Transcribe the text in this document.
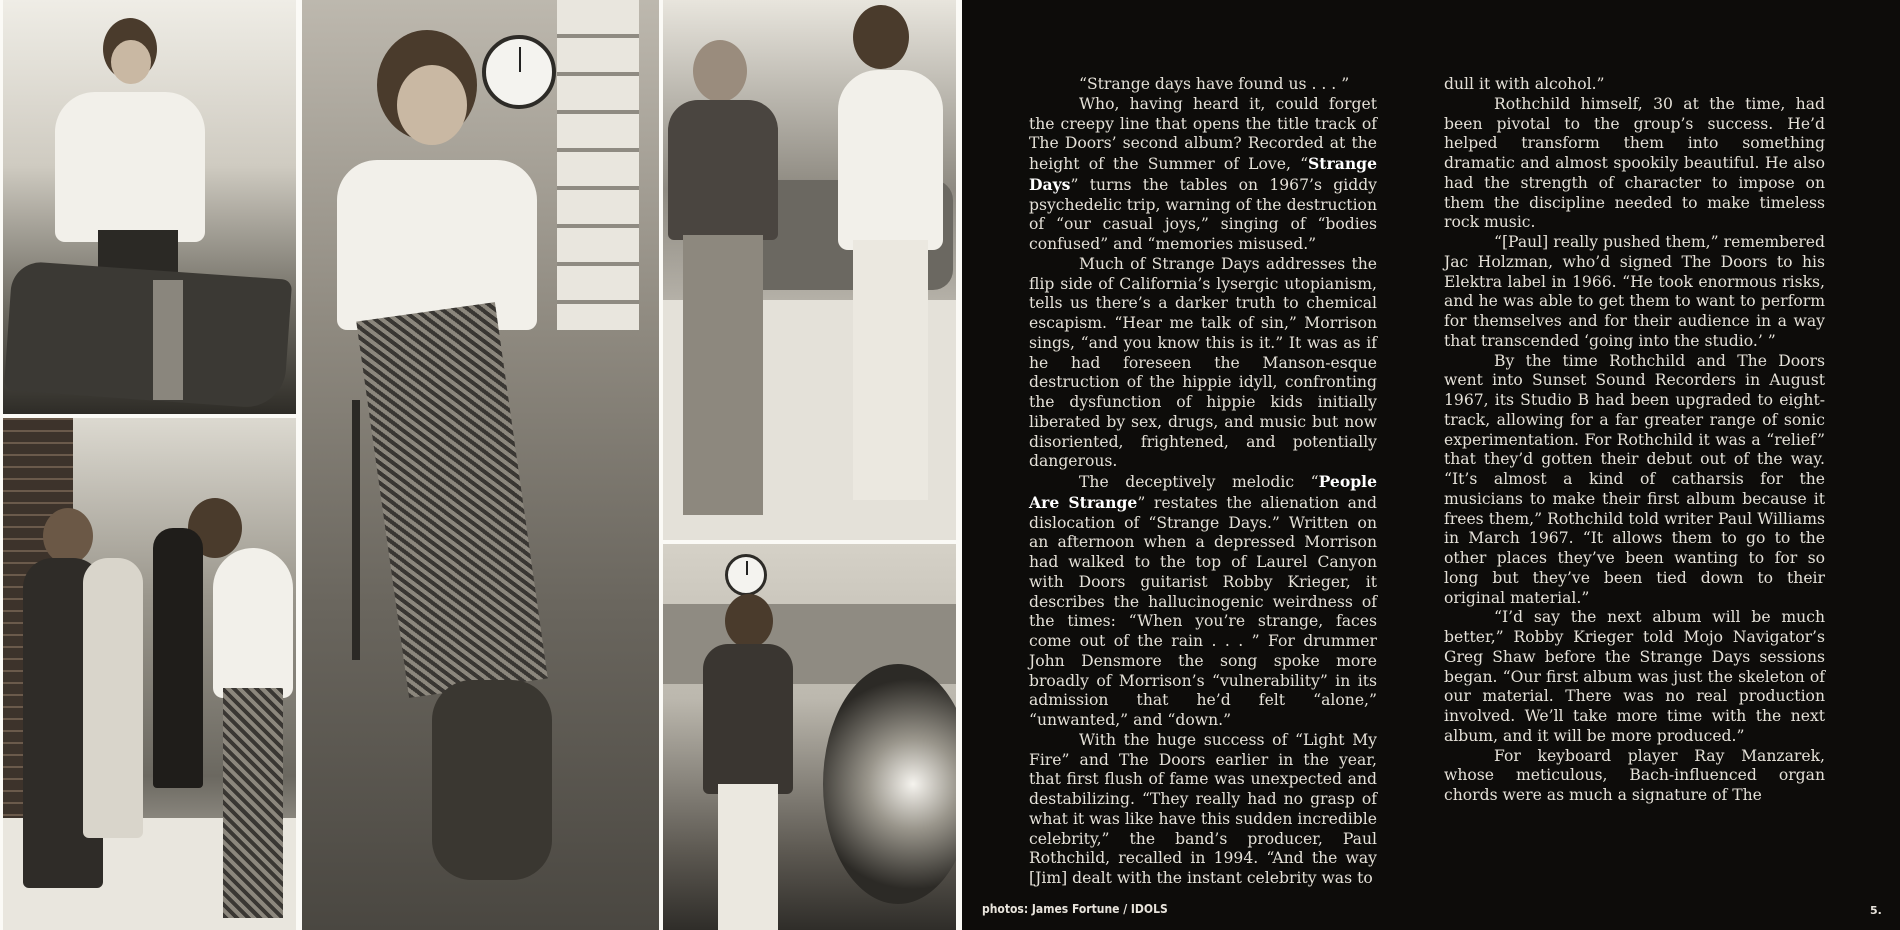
photos: James Fortune / IDOLS	5.

“Strange days have found us . . . ”

Who, having heard it, could forget the creepy line that opens the title track of The Doors’ second album? Recorded at the height of the Summer of Love, “Strange Days” turns the tables on 1967’s giddy psychedelic trip, warning of the destruction of “our casual joys,” singing of “bodies confused” and “memories misused.”

Much of Strange Days addresses the flip side of California’s lysergic utopianism, tells us there’s a darker truth to chemical escapism. “Hear me talk of sin,” Morrison sings, “and you know this is it.” It was as if he had foreseen the Manson-esque destruction of the hippie idyll, confronting the dysfunction of hippie kids initially liberated by sex, drugs, and music but now disoriented, frightened, and potentially dangerous.

The deceptively melodic “People Are Strange” restates the alienation and dislocation of “Strange Days.” Written on an afternoon when a depressed Morrison had walked to the top of Laurel Canyon with Doors guitarist Robby Krieger, it describes the hallucinogenic weirdness of the times: “When you’re strange, faces come out of the rain . . . ” For drummer John Densmore the song spoke more broadly of Morrison’s “vulnerability” in its admission that he’d felt “alone,” “unwanted,” and “down.”

With the huge success of “Light My Fire” and The Doors earlier in the year, that first flush of fame was unexpected and destabilizing. “They really had no grasp of what it was like have this sudden incredible celebrity,” the band’s producer, Paul Rothchild, recalled in 1994. “And the way [Jim] dealt with the instant celebrity was to

dull it with alcohol.”

Rothchild himself, 30 at the time, had been pivotal to the group’s success. He’d helped transform them into something dramatic and almost spookily beautiful. He also had the strength of character to impose on them the discipline needed to make timeless rock music.

“[Paul] really pushed them,” remembered Jac Holzman, who’d signed The Doors to his Elektra label in 1966. “He took enormous risks, and he was able to get them to want to perform for themselves and for their audience in a way that transcended ‘going into the studio.’ ”

By the time Rothchild and The Doors went into Sunset Sound Recorders in August 1967, its Studio B had been upgraded to eight-track, allowing for a far greater range of sonic experimentation. For Rothchild it was a “relief” that they’d gotten their debut out of the way. “It’s almost a kind of catharsis for the musicians to make their first album because it frees them,” Rothchild told writer Paul Williams in March 1967. “It allows them to go to the other places they’ve been wanting to for so long but they’ve been tied down to their original material.”

“I’d say the next album will be much better,” Robby Krieger told Mojo Navigator’s Greg Shaw before the Strange Days sessions began. “Our first album was just the skeleton of our material. There was no real production involved. We’ll take more time with the next album, and it will be more produced.”

For keyboard player Ray Manzarek, whose meticulous, Bach-influenced organ chords were as much a signature of The
